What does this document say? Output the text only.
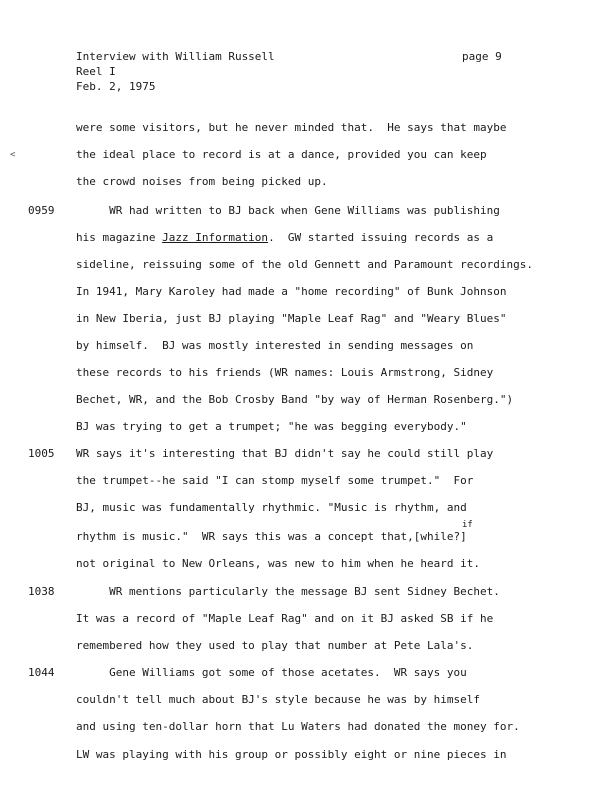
Interview with William Russell
Reel I
Feb. 2, 1975
page 9
<
0959
1005
1038
1044
were some visitors, but he never minded that.  He says that maybe
the ideal place to record is at a dance, provided you can keep
the crowd noises from being picked up.
WR had written to BJ back when Gene Williams was publishing
his magazine Jazz Information.  GW started issuing records as a
sideline, reissuing some of the old Gennett and Paramount recordings.
In 1941, Mary Karoley had made a "home recording" of Bunk Johnson
in New Iberia, just BJ playing "Maple Leaf Rag" and "Weary Blues"
by himself.  BJ was mostly interested in sending messages on
these records to his friends (WR names: Louis Armstrong, Sidney
Bechet, WR, and the Bob Crosby Band "by way of Herman Rosenberg.")
BJ was trying to get a trumpet; "he was begging everybody."
WR says it's interesting that BJ didn't say he could still play
the trumpet--he said "I can stomp myself some trumpet."  For
BJ, music was fundamentally rhythmic. "Music is rhythm, and
if
rhythm is music."  WR says this was a concept that,[while?]
not original to New Orleans, was new to him when he heard it.
WR mentions particularly the message BJ sent Sidney Bechet.
It was a record of "Maple Leaf Rag" and on it BJ asked SB if he
remembered how they used to play that number at Pete Lala's.
Gene Williams got some of those acetates.  WR says you
couldn't tell much about BJ's style because he was by himself
and using ten-dollar horn that Lu Waters had donated the money for.
LW was playing with his group or possibly eight or nine pieces in
